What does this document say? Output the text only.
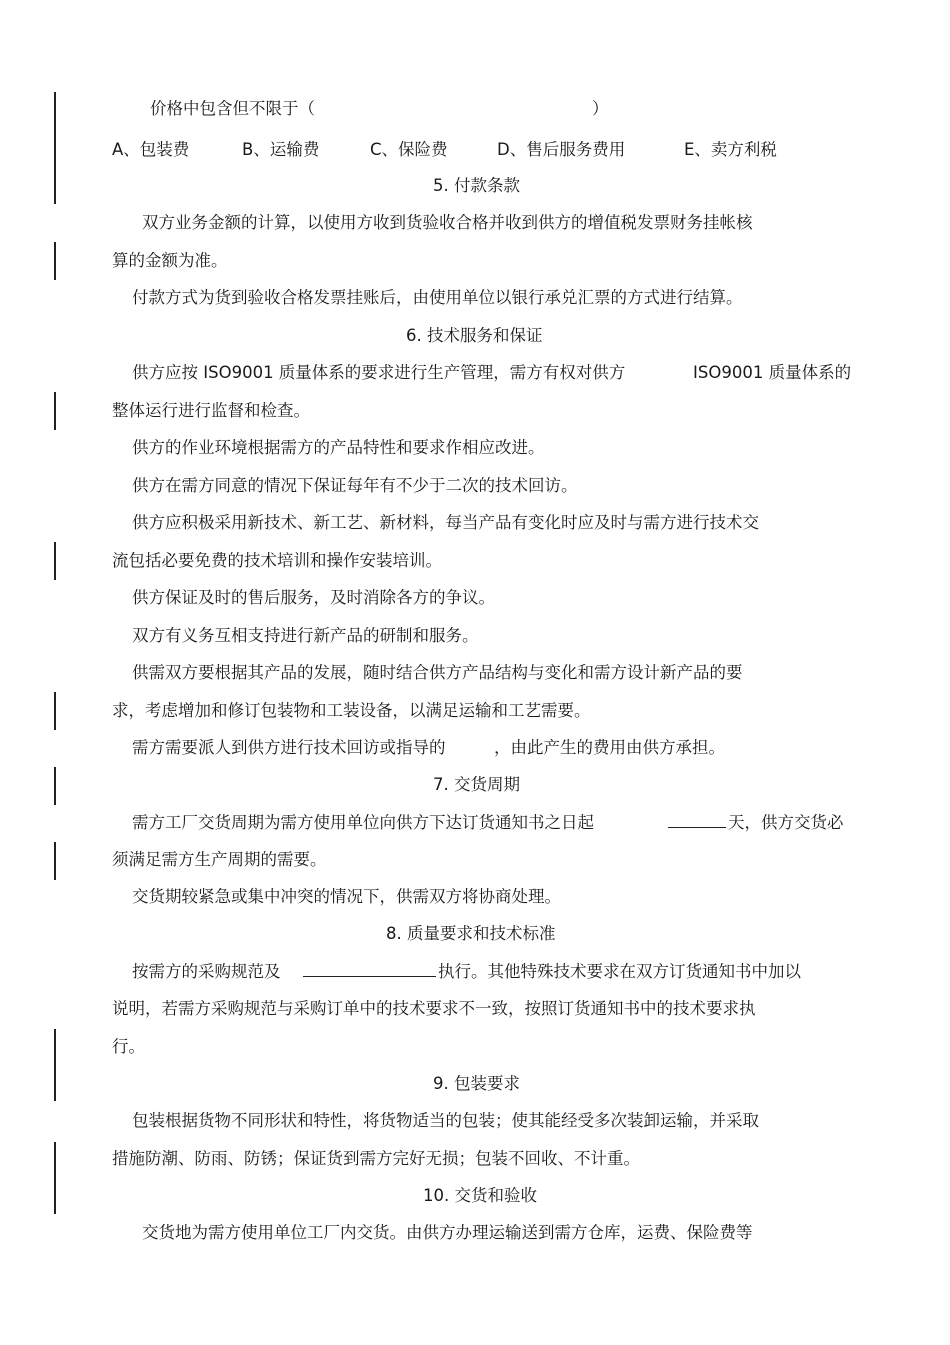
价格中包含但不限于（	）
A、包装费	B、运输费	C、保险费	D、售后服务费用	E、卖方利税
5. 付款条款
双方业务金额的计算，以使用方收到货验收合格并收到供方的增值税发票财务挂帐核
算的金额为准。
付款方式为货到验收合格发票挂账后，由使用单位以银行承兑汇票的方式进行结算。
6. 技术服务和保证
供方应按 ISO9001 质量体系的要求进行生产管理，需方有权对供方	ISO9001 质量体系的
整体运行进行监督和检查。
供方的作业环境根据需方的产品特性和要求作相应改进。
供方在需方同意的情况下保证每年有不少于二次的技术回访。
供方应积极采用新技术、新工艺、新材料，每当产品有变化时应及时与需方进行技术交
流包括必要免费的技术培训和操作安装培训。
供方保证及时的售后服务，及时消除各方的争议。
双方有义务互相支持进行新产品的研制和服务。
供需双方要根据其产品的发展，随时结合供方产品结构与变化和需方设计新产品的要
求，考虑增加和修订包装物和工装设备，以满足运输和工艺需要。
需方需要派人到供方进行技术回访或指导的	，由此产生的费用由供方承担。
7. 交货周期
需方工厂交货周期为需方使用单位向供方下达订货通知书之日起	天，供方交货必
须满足需方生产周期的需要。
交货期较紧急或集中冲突的情况下，供需双方将协商处理。
8. 质量要求和技术标准
按需方的采购规范及	执行。其他特殊技术要求在双方订货通知书中加以
说明，若需方采购规范与采购订单中的技术要求不一致，按照订货通知书中的技术要求执
行。
9. 包装要求
包装根据货物不同形状和特性，将货物适当的包装；使其能经受多次装卸运输，并采取
措施防潮、防雨、防锈；保证货到需方完好无损；包装不回收、不计重。
10. 交货和验收
交货地为需方使用单位工厂内交货。由供方办理运输送到需方仓库，运费、保险费等
